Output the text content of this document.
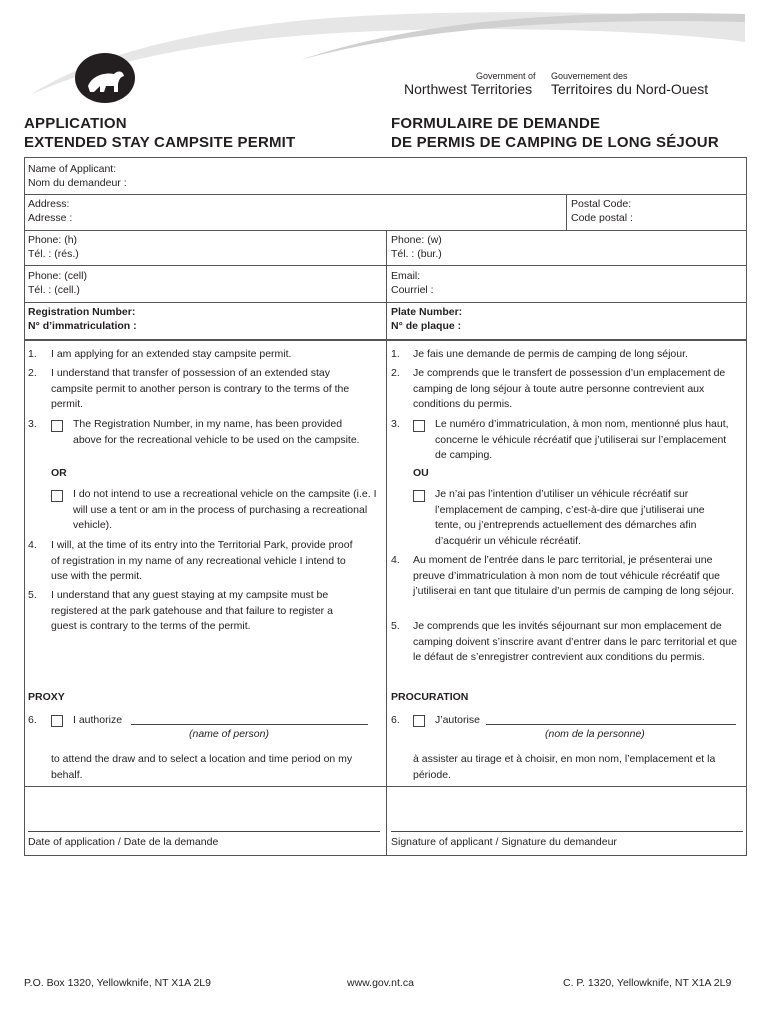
Government of
Northwest Territories
Gouvernement des
Territoires du Nord-Ouest
APPLICATION
EXTENDED STAY CAMPSITE PERMIT
FORMULAIRE DE DEMANDE
DE PERMIS DE CAMPING DE LONG SÉJOUR
Name of Applicant:
Nom du demandeur :
Address:
Adresse :
Postal Code:
Code postal :
Phone: (h)
Tél. : (rés.)
Phone: (w)
Tél. : (bur.)
Phone: (cell)
Tél. : (cell.)
Email:
Courriel :
Registration Number:
N° d’immatriculation :
Plate Number:
N° de plaque :
1. I am applying for an extended stay campsite permit.
2. I understand that transfer of possession of an extended stay campsite permit to another person is contrary to the terms of the permit.
3.	The Registration Number, in my name, has been provided above for the recreational vehicle to be used on the campsite.
OR
I do not intend to use a recreational vehicle on the campsite (i.e. I will use a tent or am in the process of purchasing a recreational vehicle).
4. I will, at the time of its entry into the Territorial Park, provide proof of registration in my name of any recreational vehicle I intend to use with the permit.
5. I understand that any guest staying at my campsite must be registered at the park gatehouse and that failure to register a guest is contrary to the terms of the permit.
PROXY
6.	I authorize
(name of person)
to attend the draw and to select a location and time period on my behalf.
1. Je fais une demande de permis de camping de long séjour.
2. Je comprends que le transfert de possession d’un emplacement de camping de long séjour à toute autre personne contrevient aux conditions du permis.
3.	Le numéro d’immatriculation, à mon nom, mentionné plus haut, concerne le véhicule récréatif que j’utiliserai sur l’emplacement de camping.
OU
Je n’ai pas l’intention d’utiliser un véhicule récréatif sur l’emplacement de camping, c’est-à-dire que j’utiliserai une tente, ou j’entreprends actuellement des démarches afin d’acquérir un véhicule récréatif.
4. Au moment de l’entrée dans le parc territorial, je présenterai une preuve d’immatriculation à mon nom de tout véhicule récréatif que j’utiliserai en tant que titulaire d’un permis de camping de long séjour.
5. Je comprends que les invités séjournant sur mon emplacement de camping doivent s’inscrire avant d’entrer dans le parc territorial et que le défaut de s’enregistrer contrevient aux conditions du permis.
PROCURATION
6.	J’autorise
(nom de la personne)
à assister au tirage et à choisir, en mon nom, l’emplacement et la période.
Date of application / Date de la demande	Signature of applicant / Signature du demandeur
P.O. Box 1320, Yellowknife, NT X1A 2L9	www.gov.nt.ca	C. P. 1320, Yellowknife, NT X1A 2L9
